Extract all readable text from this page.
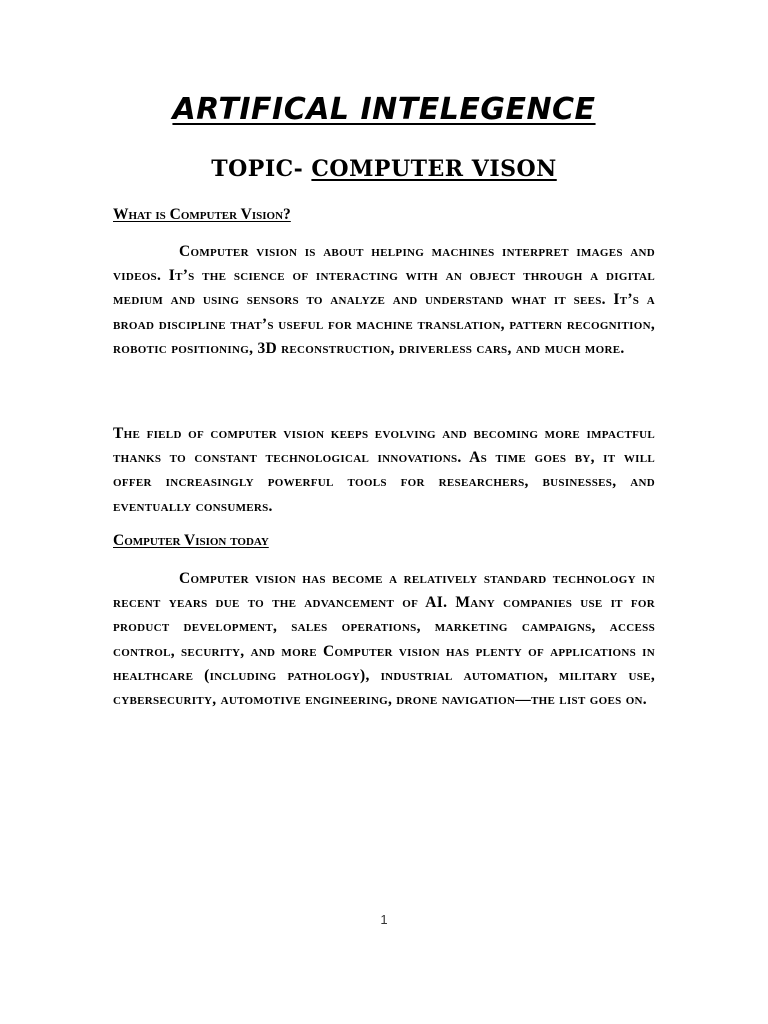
ARTIFICAL INTELEGENCE
TOPIC- COMPUTER VISON
What is Computer Vision?

Computer vision is about helping machines interpret images and videos. It’s the science of interacting with an object through a digital medium and using sensors to analyze and understand what it sees. It’s a broad discipline that’s useful for machine translation, pattern recognition, robotic positioning, 3D reconstruction, driverless cars, and much more.

The field of computer vision keeps evolving and becoming more impactful thanks to constant technological innovations. As time goes by, it will offer increasingly powerful tools for researchers, businesses, and eventually consumers.

Computer Vision today

Computer vision has become a relatively standard technology in recent years due to the advancement of AI. Many companies use it for product development, sales operations, marketing campaigns, access control, security, and more Computer vision has plenty of applications in healthcare (including pathology), industrial automation, military use, cybersecurity, automotive engineering, drone navigation—the list goes on.

1
